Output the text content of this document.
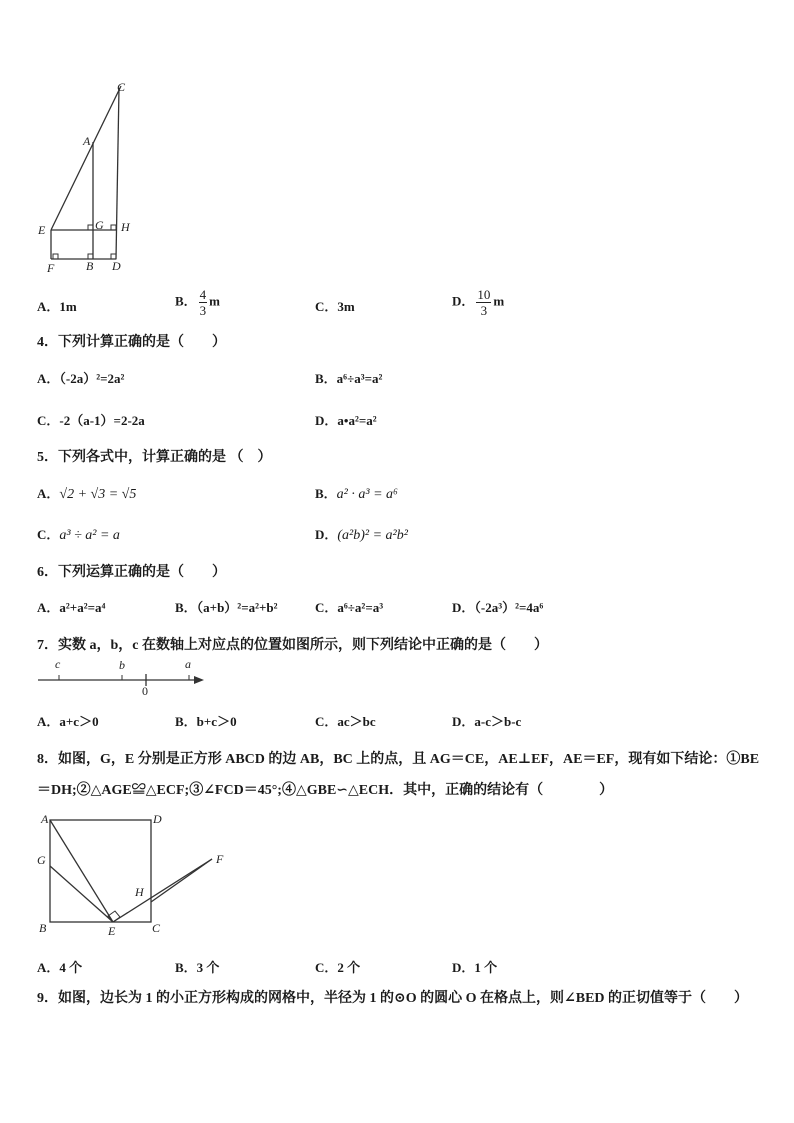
C
A
E	G H
F	B D
A．1m	B． $\frac{4}{3}$ m	C．3m	D． $\frac{10}{3}$ m
4．下列计算正确的是（　　）
A．（-2a）²=2a²	B．a⁶÷a³=a²
C．-2（a-1）=2-2a	D．a•a²=a²
5．下列各式中，计算正确的是 （　）
A．√2 + √3 = √5	B．a² · a³ = a⁶
C．a³ ÷ a² = a	D．(a²b)² = a²b²
6．下列运算正确的是（　　）
A．a²+a²=a⁴	B．（a+b）²=a²+b²	C．a⁶÷a²=a³	D．（-2a³）²=4a⁶
7．实数 a，b，c 在数轴上对应点的位置如图所示，则下列结论中正确的是（　　）
c	b
0
a
A．a+c＞0	B．b+c＞0	C．ac＞bc	D．a-c＞b-c
8．如图，G，E 分别是正方形 ABCD 的边 AB，BC 上的点，且 AG＝CE，AE⊥EF，AE＝EF，现有如下结论：①BE
＝DH;②△AGE≌△ECF;③∠FCD＝45°;④△GBE∽△ECH．其中，正确的结论有（　　　　）
A	D
G	F
H
B	E	C
A．4 个	B．3 个	C．2 个	D．1 个
9．如图，边长为 1 的小正方形构成的网格中，半径为 1 的⊙O 的圆心 O 在格点上，则∠BED 的正切值等于（　　）
